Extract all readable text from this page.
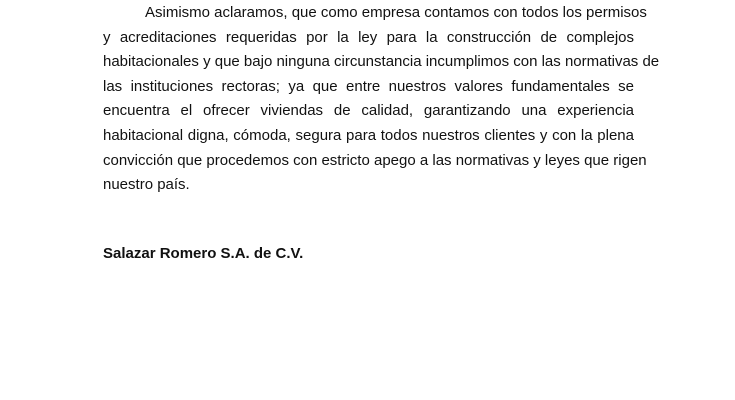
Asimismo aclaramos, que como empresa contamos con todos los permisos
y acreditaciones requeridas por la ley para la construcción de complejos
habitacionales y que bajo ninguna circunstancia incumplimos con las normativas de
las instituciones rectoras; ya que entre nuestros valores fundamentales se
encuentra el ofrecer viviendas de calidad, garantizando una experiencia
habitacional digna, cómoda, segura para todos nuestros clientes y con la plena
convicción que procedemos con estricto apego a las normativas y leyes que rigen
nuestro país.
Salazar Romero S.A. de C.V.
